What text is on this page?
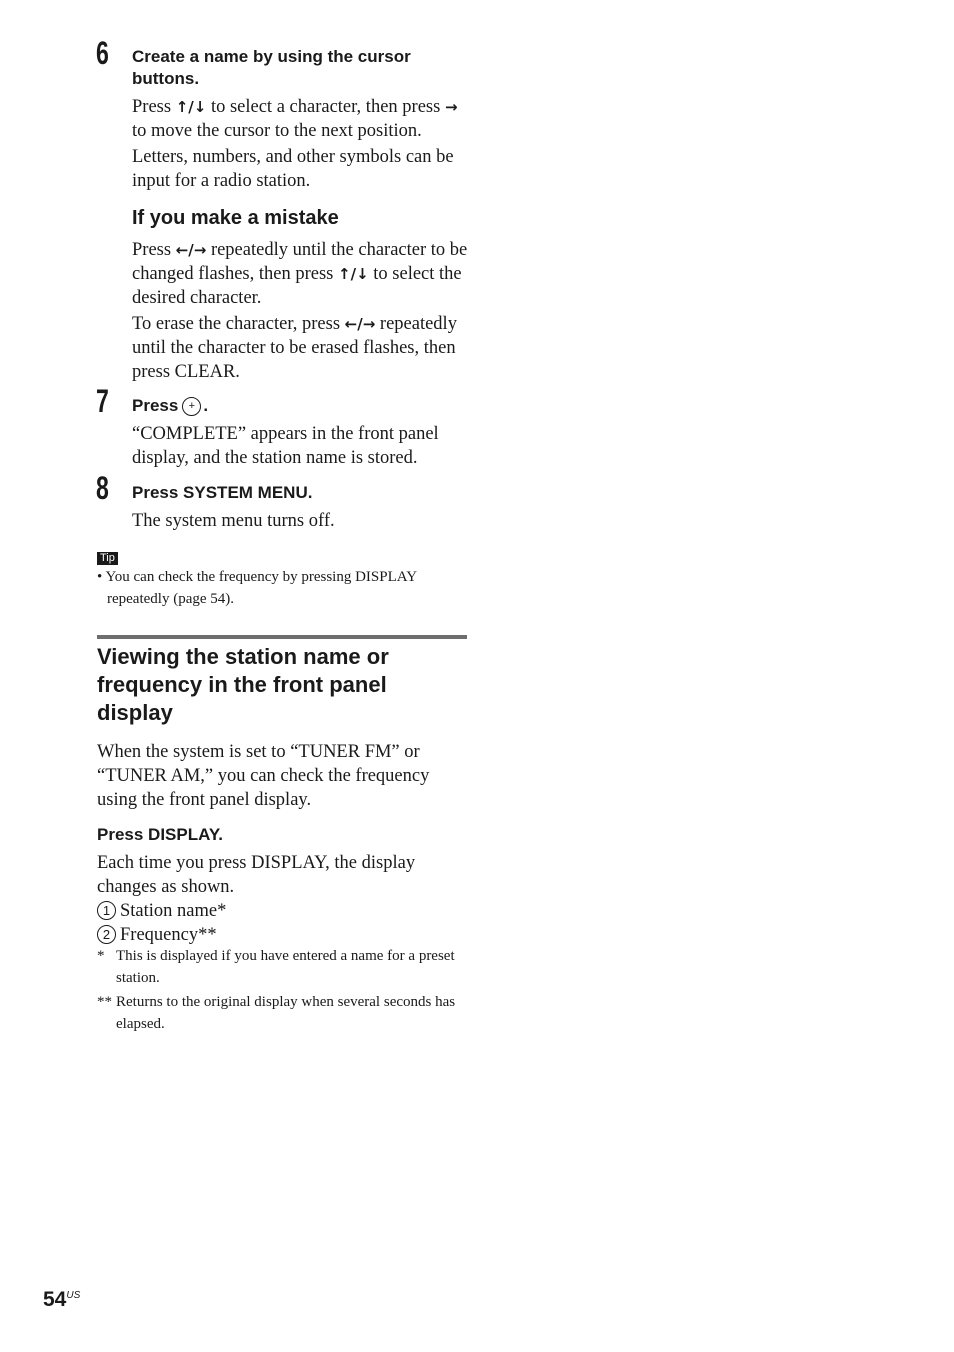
6 Create a name by using the cursor buttons.

Press ↑/↓ to select a character, then press → to move the cursor to the next position.

Letters, numbers, and other symbols can be input for a radio station.

If you make a mistake

Press ←/→ repeatedly until the character to be changed flashes, then press ↑/↓ to select the desired character.

To erase the character, press ←/→ repeatedly until the character to be erased flashes, then press CLEAR.

7 Press+ .
“COMPLETE” appears in the front panel display, and the station name is stored.
8 Press SYSTEM MENU.
The system menu turns off.
Tip
• You can check the frequency by pressing DISPLAY repeatedly (page 54).
Viewing the station name or frequency in the front panel display
When the system is set to “TUNER FM” or “TUNER AM,” you can check the frequency using the front panel display.
Press DISPLAY.
Each time you press DISPLAY, the display changes as shown.
1 Station name*
2 Frequency**
* This is displayed if you have entered a name for a preset station.
** Returns to the original display when several seconds has elapsed.
$54^{US}$
